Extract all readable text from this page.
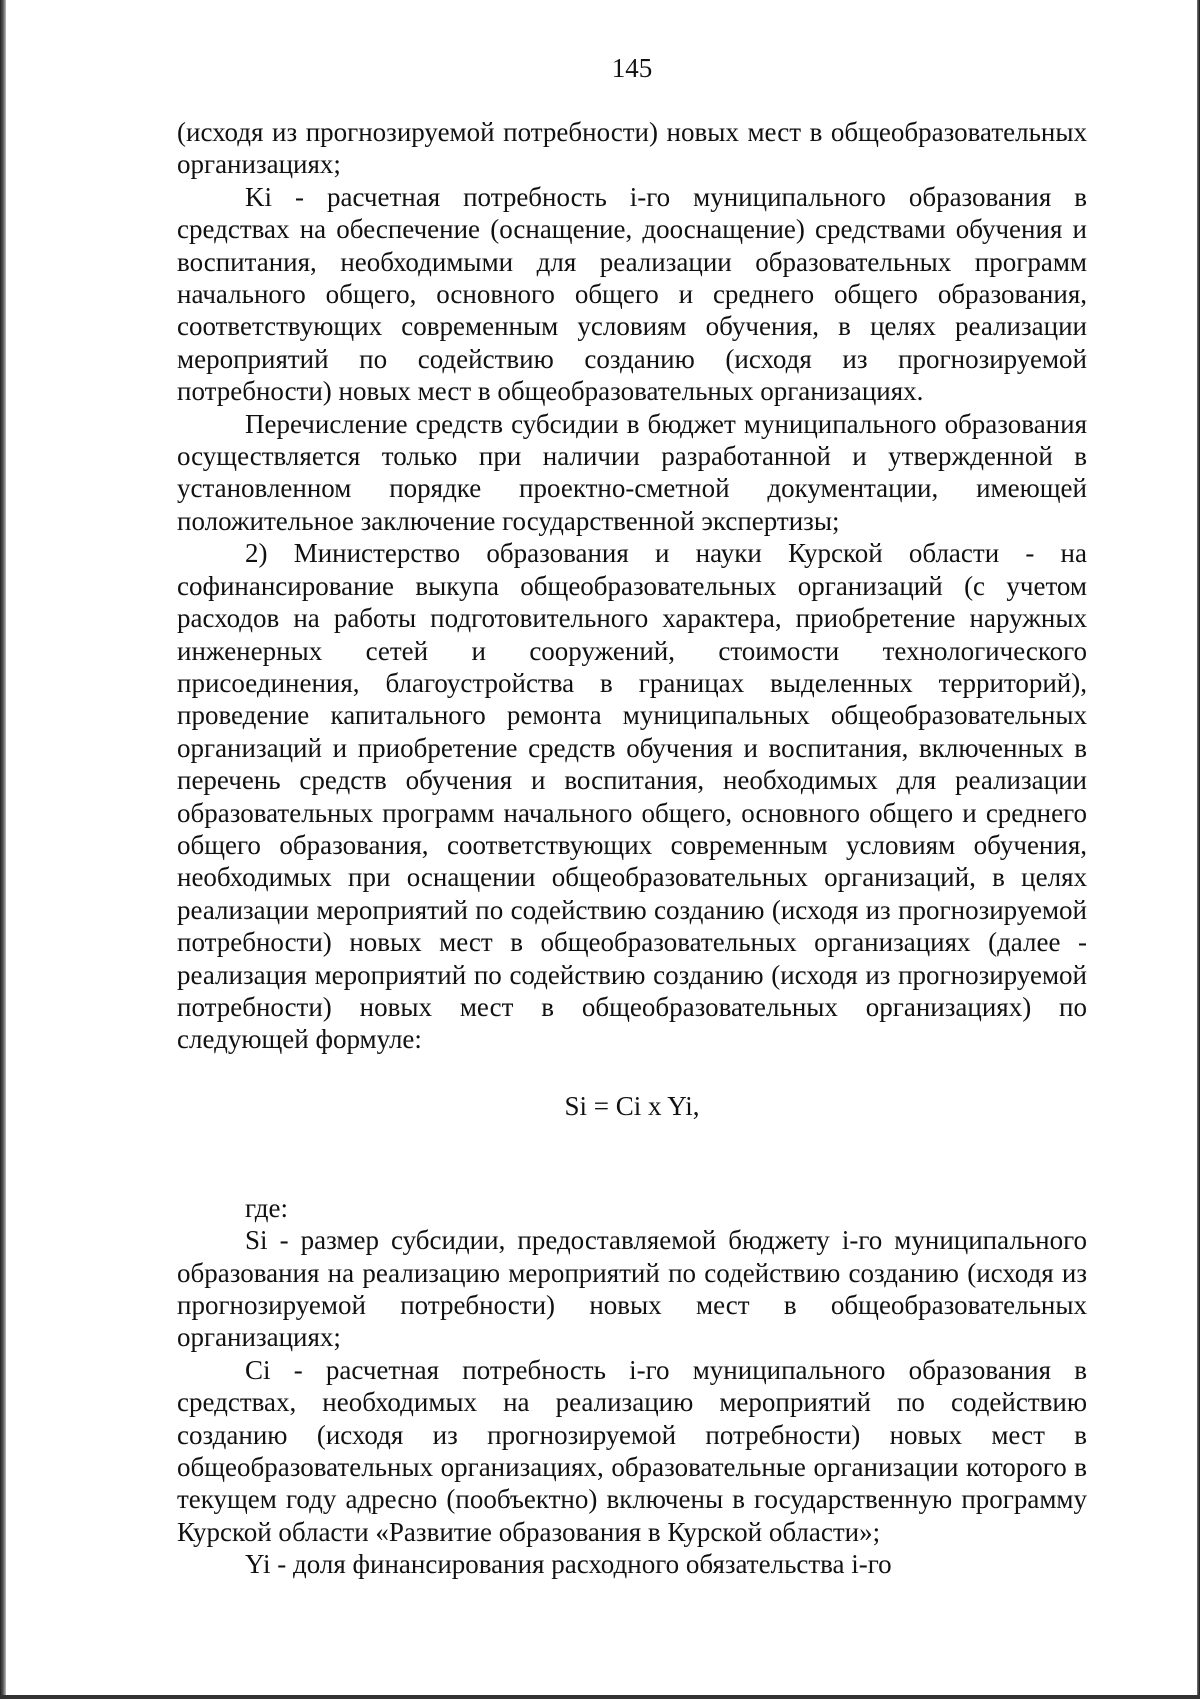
145

(исходя из прогнозируемой потребности) новых мест в общеобразовательных организациях;

Ki - расчетная потребность i-го муниципального образования в средствах на обеспечение (оснащение, дооснащение) средствами обучения и воспитания, необходимыми для реализации образовательных программ начального общего, основного общего и среднего общего образования, соответствующих современным условиям обучения, в целях реализации мероприятий по содействию созданию (исходя из прогнозируемой потребности) новых мест в общеобразовательных организациях.

Перечисление средств субсидии в бюджет муниципального образования осуществляется только при наличии разработанной и утвержденной в установленном порядке проектно-сметной документации, имеющей положительное заключение государственной экспертизы;

2) Министерство образования и науки Курской области - на софинансирование выкупа общеобразовательных организаций (с учетом расходов на работы подготовительного характера, приобретение наружных инженерных сетей и сооружений, стоимости технологического присоединения, благоустройства в границах выделенных территорий), проведение капитального ремонта муниципальных общеобразовательных организаций и приобретение средств обучения и воспитания, включенных в перечень средств обучения и воспитания, необходимых для реализации образовательных программ начального общего, основного общего и среднего общего образования, соответствующих современным условиям обучения, необходимых при оснащении общеобразовательных организаций, в целях реализации мероприятий по содействию созданию (исходя из прогнозируемой потребности) новых мест в общеобразовательных организациях (далее - реализация мероприятий по содействию созданию (исходя из прогнозируемой потребности) новых мест в общеобразовательных организациях) по следующей формуле:

Si = Ci x Yi,

где:

Si - размер субсидии, предоставляемой бюджету i-го муниципального образования на реализацию мероприятий по содействию созданию (исходя из прогнозируемой потребности) новых мест в общеобразовательных организациях;

Ci - расчетная потребность i-го муниципального образования в средствах, необходимых на реализацию мероприятий по содействию созданию (исходя из прогнозируемой потребности) новых мест в общеобразовательных организациях, образовательные организации которого в текущем году адресно (пообъектно) включены в государственную программу Курской области «Развитие образования в Курской области»;

Yi - доля финансирования расходного обязательства i-го
